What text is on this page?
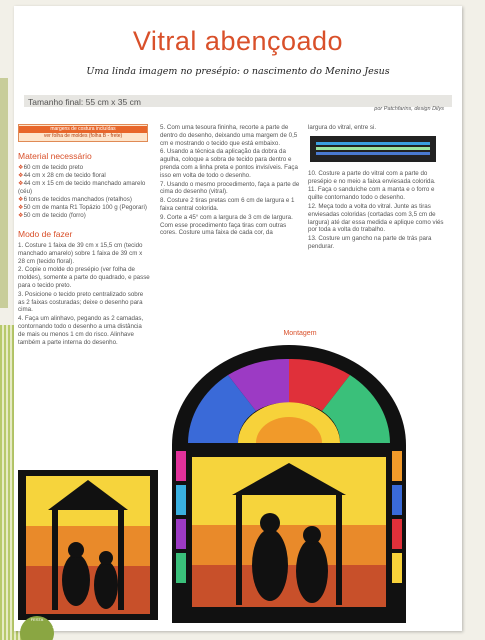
Vitral abençoado
Uma linda imagem no presépio: o nascimento do Menino Jesus
Tamanho final: 55 cm x 35 cm
por Patchfarins, design Dilys
margens de costura incluídas
ver folha de moldes (folha B - frete)
Material necessário
❖ 60 cm de tecido preto
❖ 44 cm x 28 cm de tecido floral
❖ 44 cm x 15 cm de tecido manchado amarelo (céu)
❖ 6 tons de tecidos manchados (retalhos)
❖ 50 cm de manta R1 Topázio 100 g (Pegorari)
❖ 50 cm de tecido (forro)
Modo de fazer

1. Costure 1 faixa de 39 cm x 15,5 cm (tecido manchado amarelo) sobre 1 faixa de 39 cm x 28 cm (tecido floral).

2. Copie o molde do presépio (ver folha de moldes), somente a parte do quadrado, e passe para o tecido preto.

3. Posicione o tecido preto centralizado sobre as 2 faixas costuradas; deixe o desenho para cima.

4. Faça um alinhavo, pegando as 2 camadas, contornando todo o desenho a uma distância de mais ou menos 1 cm do risco. Alinhave também a parte interna do desenho.

5. Com uma tesoura fininha, recorte a parte de dentro do desenho, deixando uma margem de 0,5 cm e mostrando o tecido que está embaixo.

6. Usando a técnica da aplicação da dobra da agulha, coloque a sobra de tecido para dentro e prenda com a linha preta e pontos invisíveis. Faça isso em volta de todo o desenho.

7. Usando o mesmo procedimento, faça a parte de cima do desenho (vitral).

8. Costure 2 tiras pretas com 6 cm de largura e 1 faixa central colorida.

9. Corte a 45° com a largura de 3 cm de largura. Com esse procedimento faça tiras com outras cores. Costure uma faixa de cada cor, da

largura do vitral, entre si.

10. Costure a parte do vitral com a parte do presépio e no meio a faixa enviesada colorida.

11. Faça o sanduíche com a manta e o forro e quilte contornando todo o desenho.

12. Meça todo a volta do vitral. Junte as tiras enviesadas coloridas (cortadas com 3,5 cm de largura) até dar essa medida e aplique como viés por toda a volta do trabalho.

13. Costure um gancho na parte de trás para pendurar.

Montagem
FESTA
18
